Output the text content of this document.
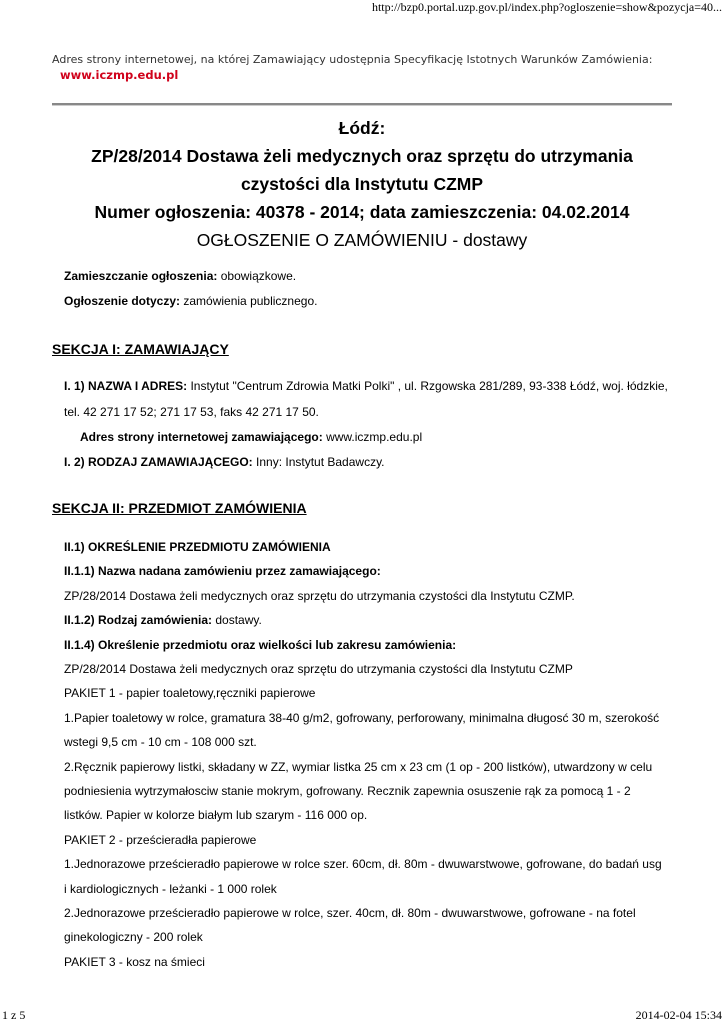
http://bzp0.portal.uzp.gov.pl/index.php?ogloszenie=show&pozycja=40...
Adres strony internetowej, na której Zamawiający udostępnia Specyfikację Istotnych Warunków Zamówienia:
www.iczmp.edu.pl
Łódź:
ZP/28/2014 Dostawa żeli medycznych oraz sprzętu do utrzymania
czystości dla Instytutu CZMP
Numer ogłoszenia: 40378 - 2014; data zamieszczenia: 04.02.2014
OGŁOSZENIE O ZAMÓWIENIU - dostawy
Zamieszczanie ogłoszenia: obowiązkowe.
Ogłoszenie dotyczy: zamówienia publicznego.
SEKCJA I: ZAMAWIAJĄCY
I. 1) NAZWA I ADRES: Instytut "Centrum Zdrowia Matki Polki" , ul. Rzgowska 281/289, 93-338 Łódź, woj. łódzkie,
tel. 42 271 17 52; 271 17 53, faks 42 271 17 50.
Adres strony internetowej zamawiającego: www.iczmp.edu.pl
I. 2) RODZAJ ZAMAWIAJĄCEGO: Inny: Instytut Badawczy.
SEKCJA II: PRZEDMIOT ZAMÓWIENIA
II.1) OKREŚLENIE PRZEDMIOTU ZAMÓWIENIA
II.1.1) Nazwa nadana zamówieniu przez zamawiającego:
ZP/28/2014 Dostawa żeli medycznych oraz sprzętu do utrzymania czystości dla Instytutu CZMP.
II.1.2) Rodzaj zamówienia: dostawy.
II.1.4) Określenie przedmiotu oraz wielkości lub zakresu zamówienia:
ZP/28/2014 Dostawa żeli medycznych oraz sprzętu do utrzymania czystości dla Instytutu CZMP
PAKIET 1 - papier toaletowy,ręczniki papierowe
1.Papier toaletowy w rolce, gramatura 38-40 g/m2, gofrowany, perforowany, minimalna długosć 30 m, szerokość
wstegi 9,5 cm - 10 cm - 108 000 szt.
2.Ręcznik papierowy listki, składany w ZZ, wymiar listka 25 cm x 23 cm (1 op - 200 listków), utwardzony w celu
podniesienia wytrzymałosciw stanie mokrym, gofrowany. Recznik zapewnia osuszenie rąk za pomocą 1 - 2
listków. Papier w kolorze białym lub szarym - 116 000 op.
PAKIET 2 - prześcieradła papierowe
1.Jednorazowe prześcieradło papierowe w rolce szer. 60cm, dł. 80m - dwuwarstwowe, gofrowane, do badań usg
i kardiologicznych - leżanki - 1 000 rolek
2.Jednorazowe prześcieradło papierowe w rolce, szer. 40cm, dł. 80m - dwuwarstwowe, gofrowane - na fotel
ginekologiczny - 200 rolek
PAKIET 3 - kosz na śmieci
1 z 5	2014-02-04 15:34
